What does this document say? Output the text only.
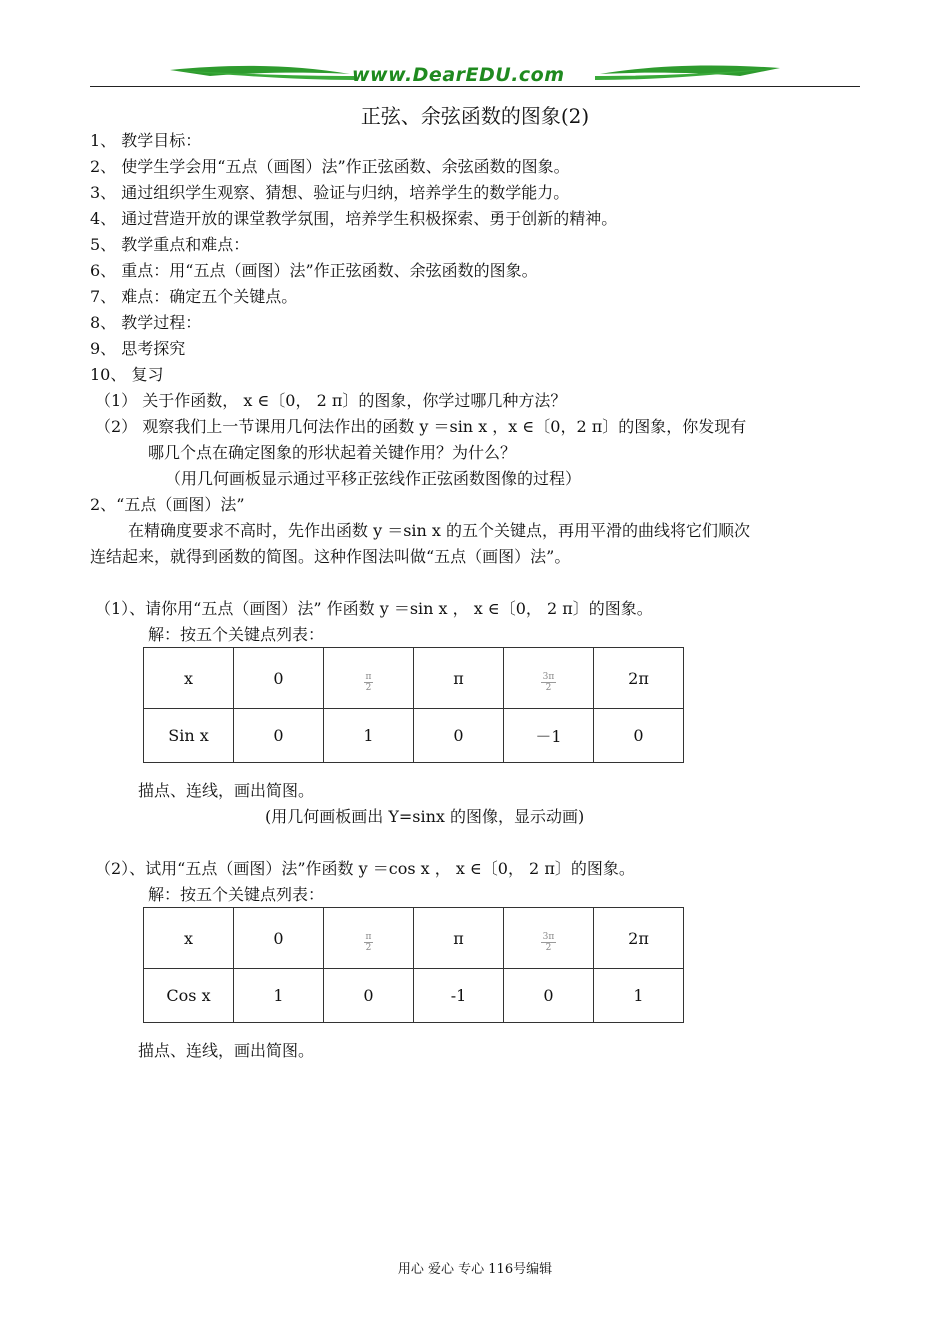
www.DearEDU.com
正弦、余弦函数的图象(2)
1、 教学目标：
2、 使学生学会用“五点（画图）法”作正弦函数、余弦函数的图象。
3、 通过组织学生观察、猜想、验证与归纳，培养学生的数学能力。
4、 通过营造开放的课堂教学氛围，培养学生积极探索、勇于创新的精神。
5、 教学重点和难点：
6、 重点：用“五点（画图）法”作正弦函数、余弦函数的图象。
7、 难点：确定五个关键点。
8、 教学过程：
9、 思考探究
10、 复习
（1） 关于作函数， x ∈〔0， 2 π〕的图象，你学过哪几种方法？
（2） 观察我们上一节课用几何法作出的函数 y ＝sin x ，x ∈〔0，2 π〕的图象，你发现有
哪几个点在确定图象的形状起着关键作用？为什么？
（用几何画板显示通过平移正弦线作正弦函数图像的过程）
2、“五点（画图）法”
在精确度要求不高时，先作出函数 y ＝sin x 的五个关键点，再用平滑的曲线将它们顺次
连结起来，就得到函数的简图。这种作图法叫做“五点（画图）法”。
（1）、请你用“五点（画图）法” 作函数 y ＝sin x ， x ∈〔0， 2 π〕的图象。
解：按五个关键点列表：
x	0	$\frac{\pi}{2}$	π	$\frac{3\pi}{2}$	2π
Sin x	0	1	0	－1	0
描点、连线，画出简图。
(用几何画板画出 Y=sinx 的图像，显示动画)
（2）、试用“五点（画图）法”作函数 y ＝cos x ， x ∈〔0， 2 π〕的图象。
解：按五个关键点列表：
x	0	$\frac{\pi}{2}$	π	$\frac{3\pi}{2}$	2π
Cos x	1	0	-1	0	1
描点、连线，画出简图。
用心 爱心 专心 116号编辑
